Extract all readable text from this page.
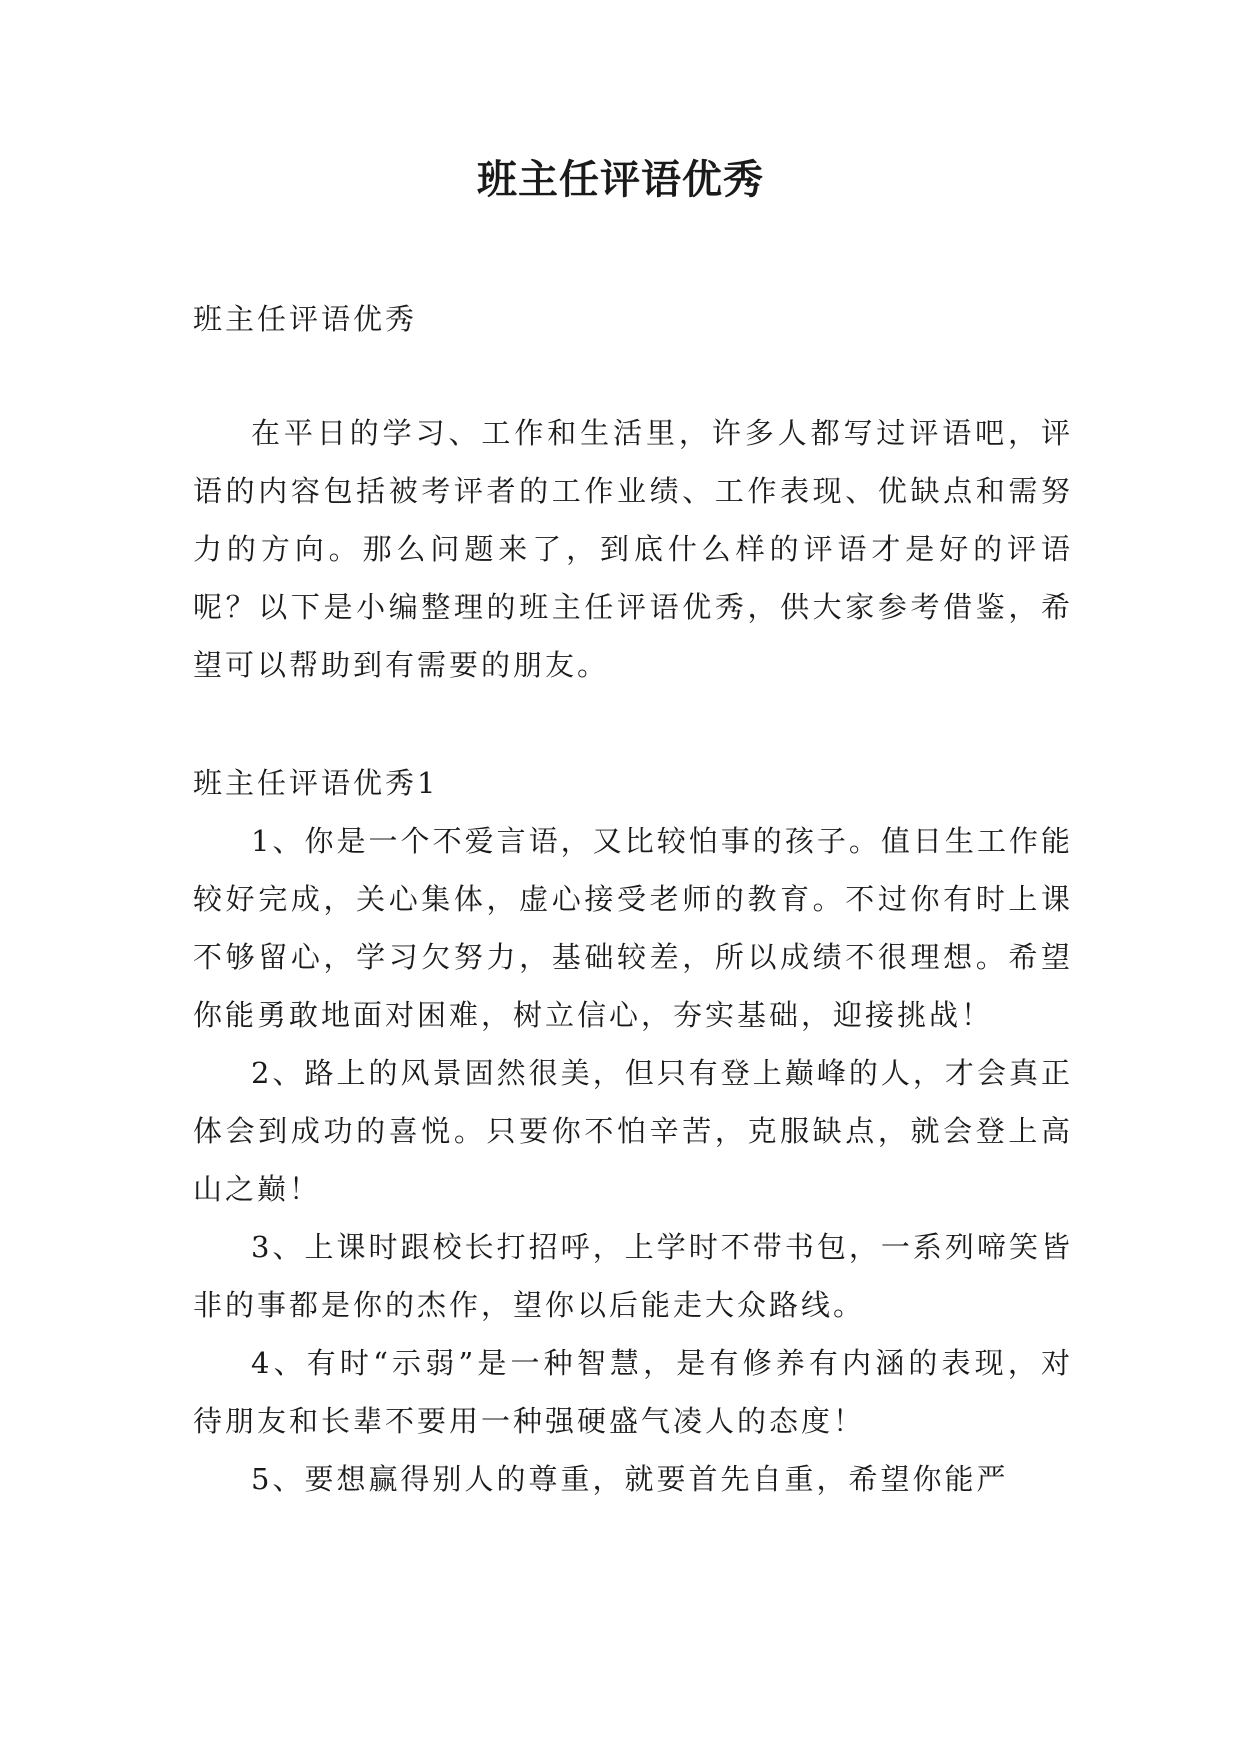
班主任评语优秀

班主任评语优秀

在平日的学习、工作和生活里，许多人都写过评语吧，评语的内容包括被考评者的工作业绩、工作表现、优缺点和需努力的方向。那么问题来了，到底什么样的评语才是好的评语呢？以下是小编整理的班主任评语优秀，供大家参考借鉴，希望可以帮助到有需要的朋友。

班主任评语优秀1

1、你是一个不爱言语，又比较怕事的孩子。值日生工作能较好完成，关心集体，虚心接受老师的教育。不过你有时上课不够留心，学习欠努力，基础较差，所以成绩不很理想。希望你能勇敢地面对困难，树立信心，夯实基础，迎接挑战！

2、路上的风景固然很美，但只有登上巅峰的人，才会真正体会到成功的喜悦。只要你不怕辛苦，克服缺点，就会登上高山之巅！

3、上课时跟校长打招呼，上学时不带书包，一系列啼笑皆非的事都是你的杰作，望你以后能走大众路线。

4、有时“示弱”是一种智慧，是有修养有内涵的表现，对待朋友和长辈不要用一种强硬盛气凌人的态度！

5、要想赢得别人的尊重，就要首先自重，希望你能严
